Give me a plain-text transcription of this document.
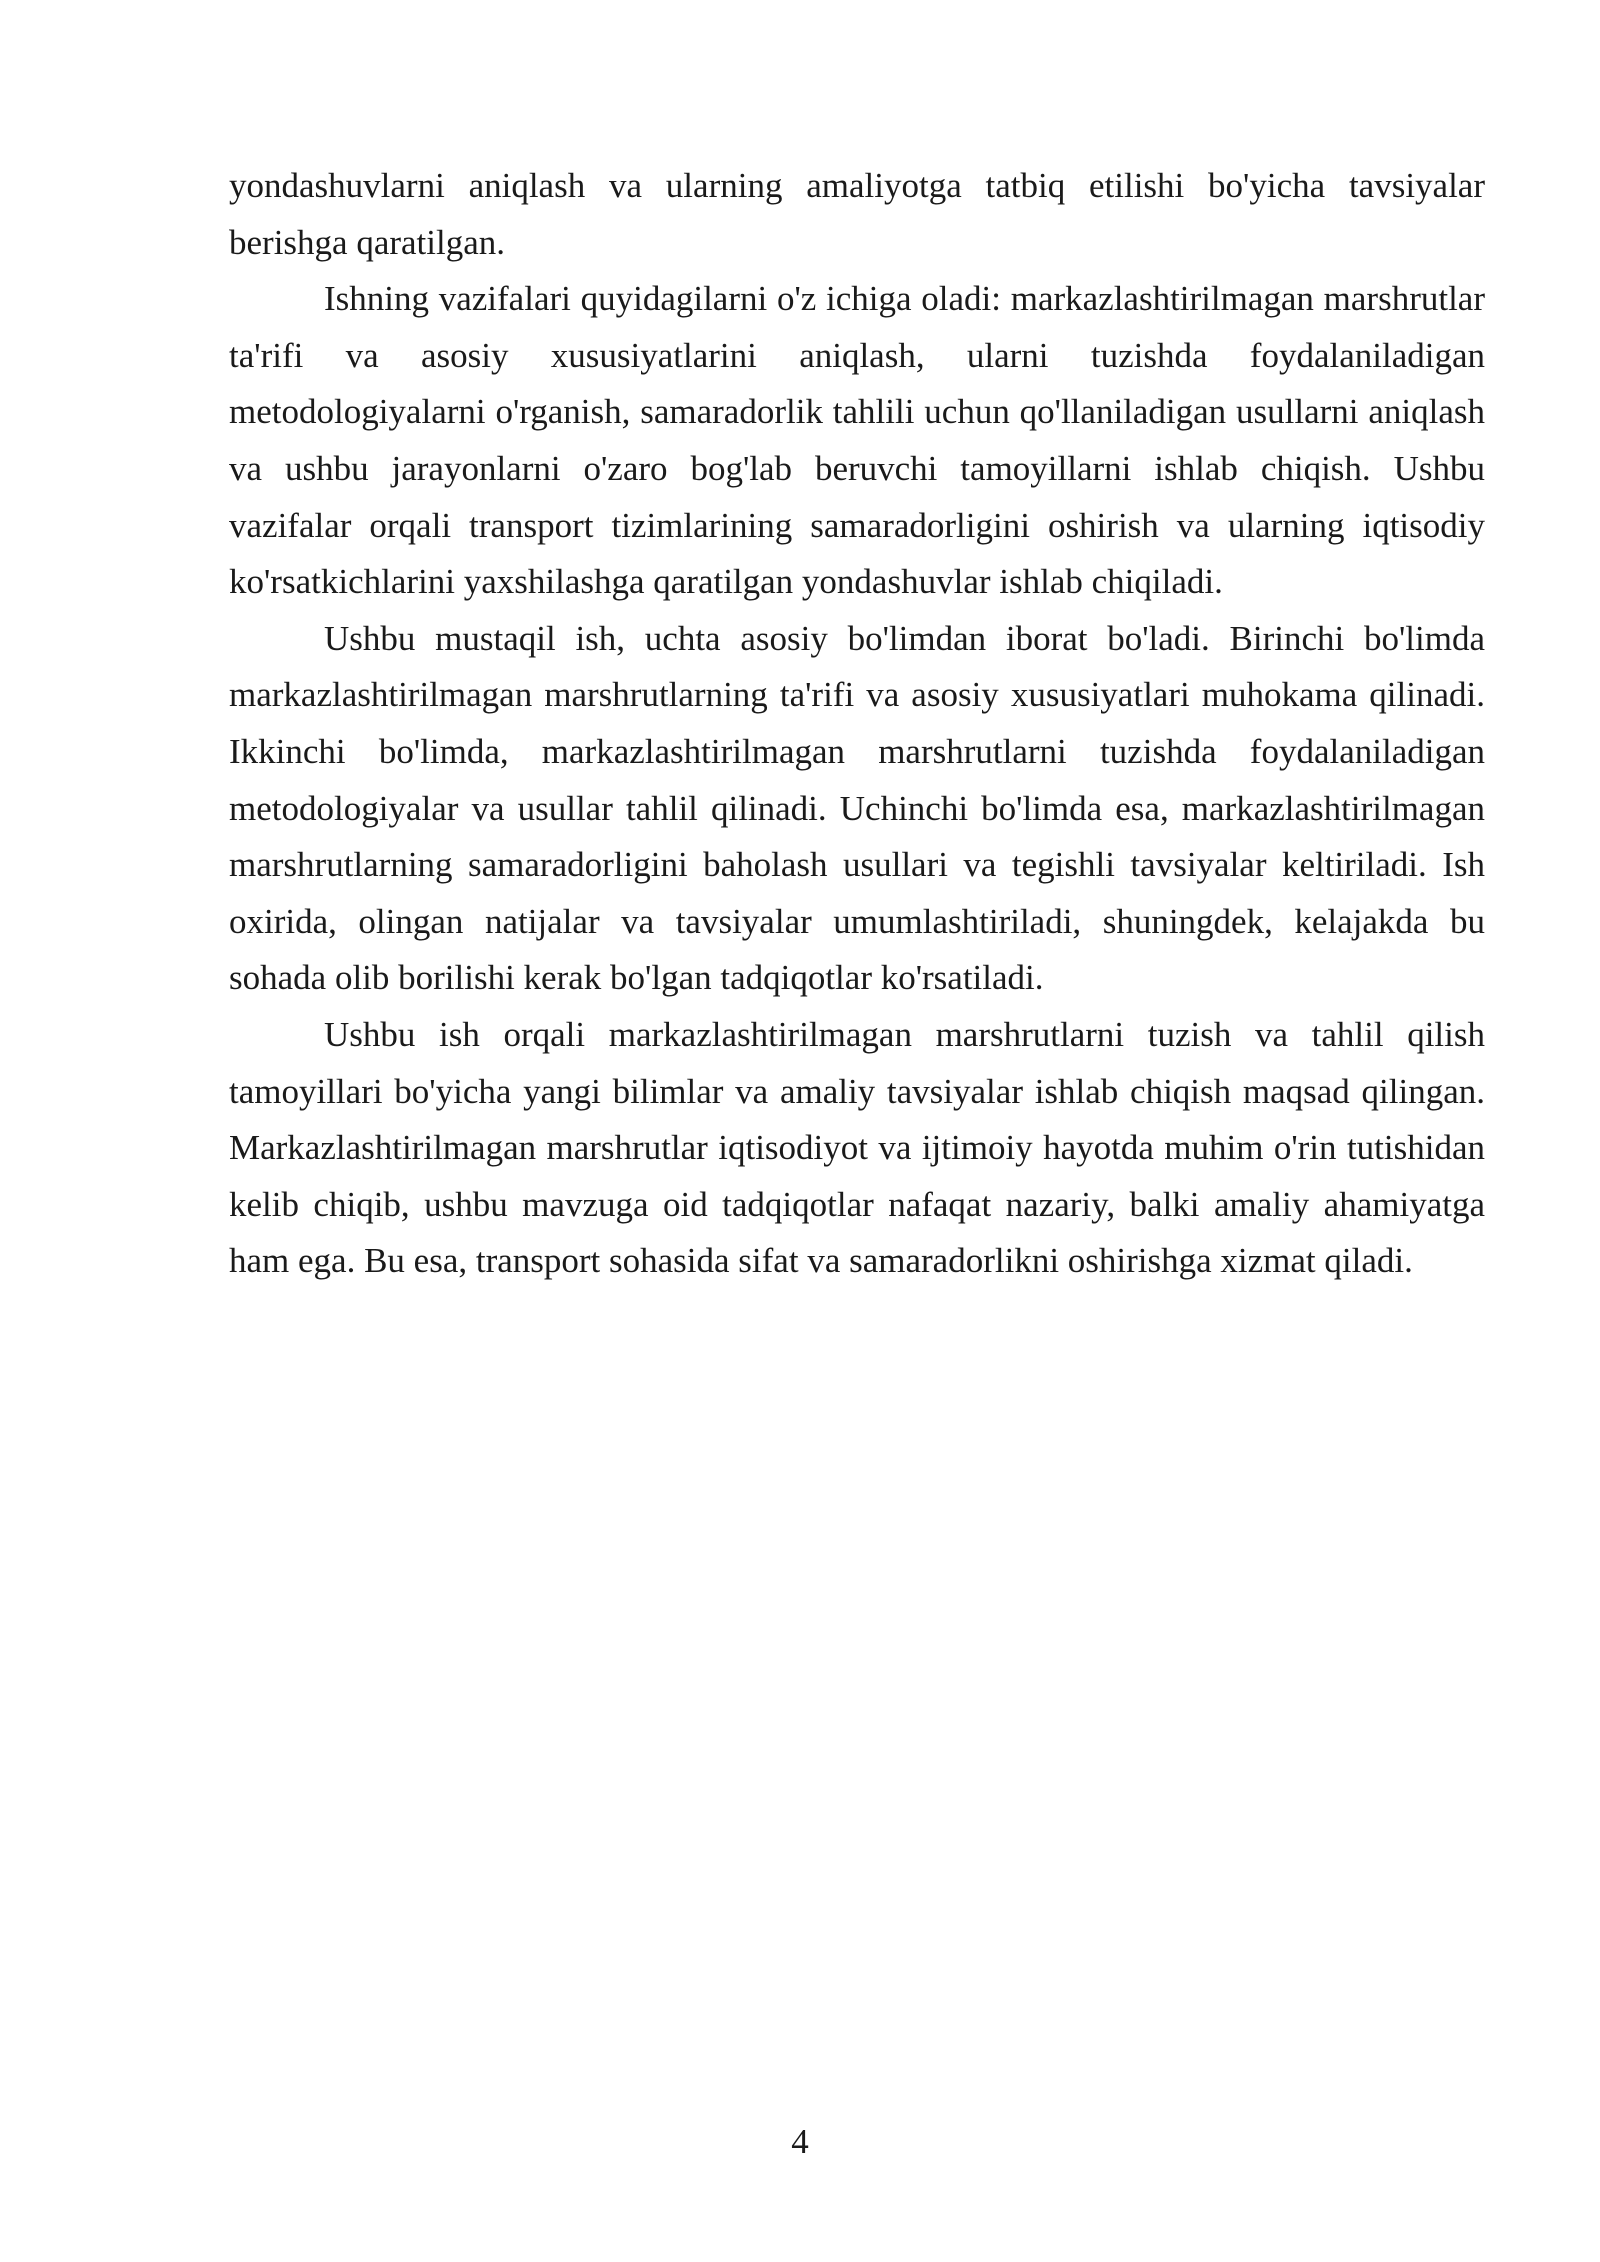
yondashuvlarni aniqlash va ularning amaliyotga tatbiq etilishi bo'yicha tavsiyalar berishga qaratilgan.

Ishning vazifalari quyidagilarni o'z ichiga oladi: markazlashtirilmagan marshrutlar ta'rifi va asosiy xususiyatlarini aniqlash, ularni tuzishda foydalaniladigan metodologiyalarni o'rganish, samaradorlik tahlili uchun qo'llaniladigan usullarni aniqlash va ushbu jarayonlarni o'zaro bog'lab beruvchi tamoyillarni ishlab chiqish. Ushbu vazifalar orqali transport tizimlarining samaradorligini oshirish va ularning iqtisodiy ko'rsatkichlarini yaxshilashga qaratilgan yondashuvlar ishlab chiqiladi.

Ushbu mustaqil ish, uchta asosiy bo'limdan iborat bo'ladi. Birinchi bo'limda markazlashtirilmagan marshrutlarning ta'rifi va asosiy xususiyatlari muhokama qilinadi. Ikkinchi bo'limda, markazlashtirilmagan marshrutlarni tuzishda foydalaniladigan metodologiyalar va usullar tahlil qilinadi. Uchinchi bo'limda esa, markazlashtirilmagan marshrutlarning samaradorligini baholash usullari va tegishli tavsiyalar keltiriladi. Ish oxirida, olingan natijalar va tavsiyalar umumlashtiriladi, shuningdek, kelajakda bu sohada olib borilishi kerak bo'lgan tadqiqotlar ko'rsatiladi.

Ushbu ish orqali markazlashtirilmagan marshrutlarni tuzish va tahlil qilish tamoyillari bo'yicha yangi bilimlar va amaliy tavsiyalar ishlab chiqish maqsad qilingan. Markazlashtirilmagan marshrutlar iqtisodiyot va ijtimoiy hayotda muhim o'rin tutishidan kelib chiqib, ushbu mavzuga oid tadqiqotlar nafaqat nazariy, balki amaliy ahamiyatga ham ega. Bu esa, transport sohasida sifat va samaradorlikni oshirishga xizmat qiladi.

4
